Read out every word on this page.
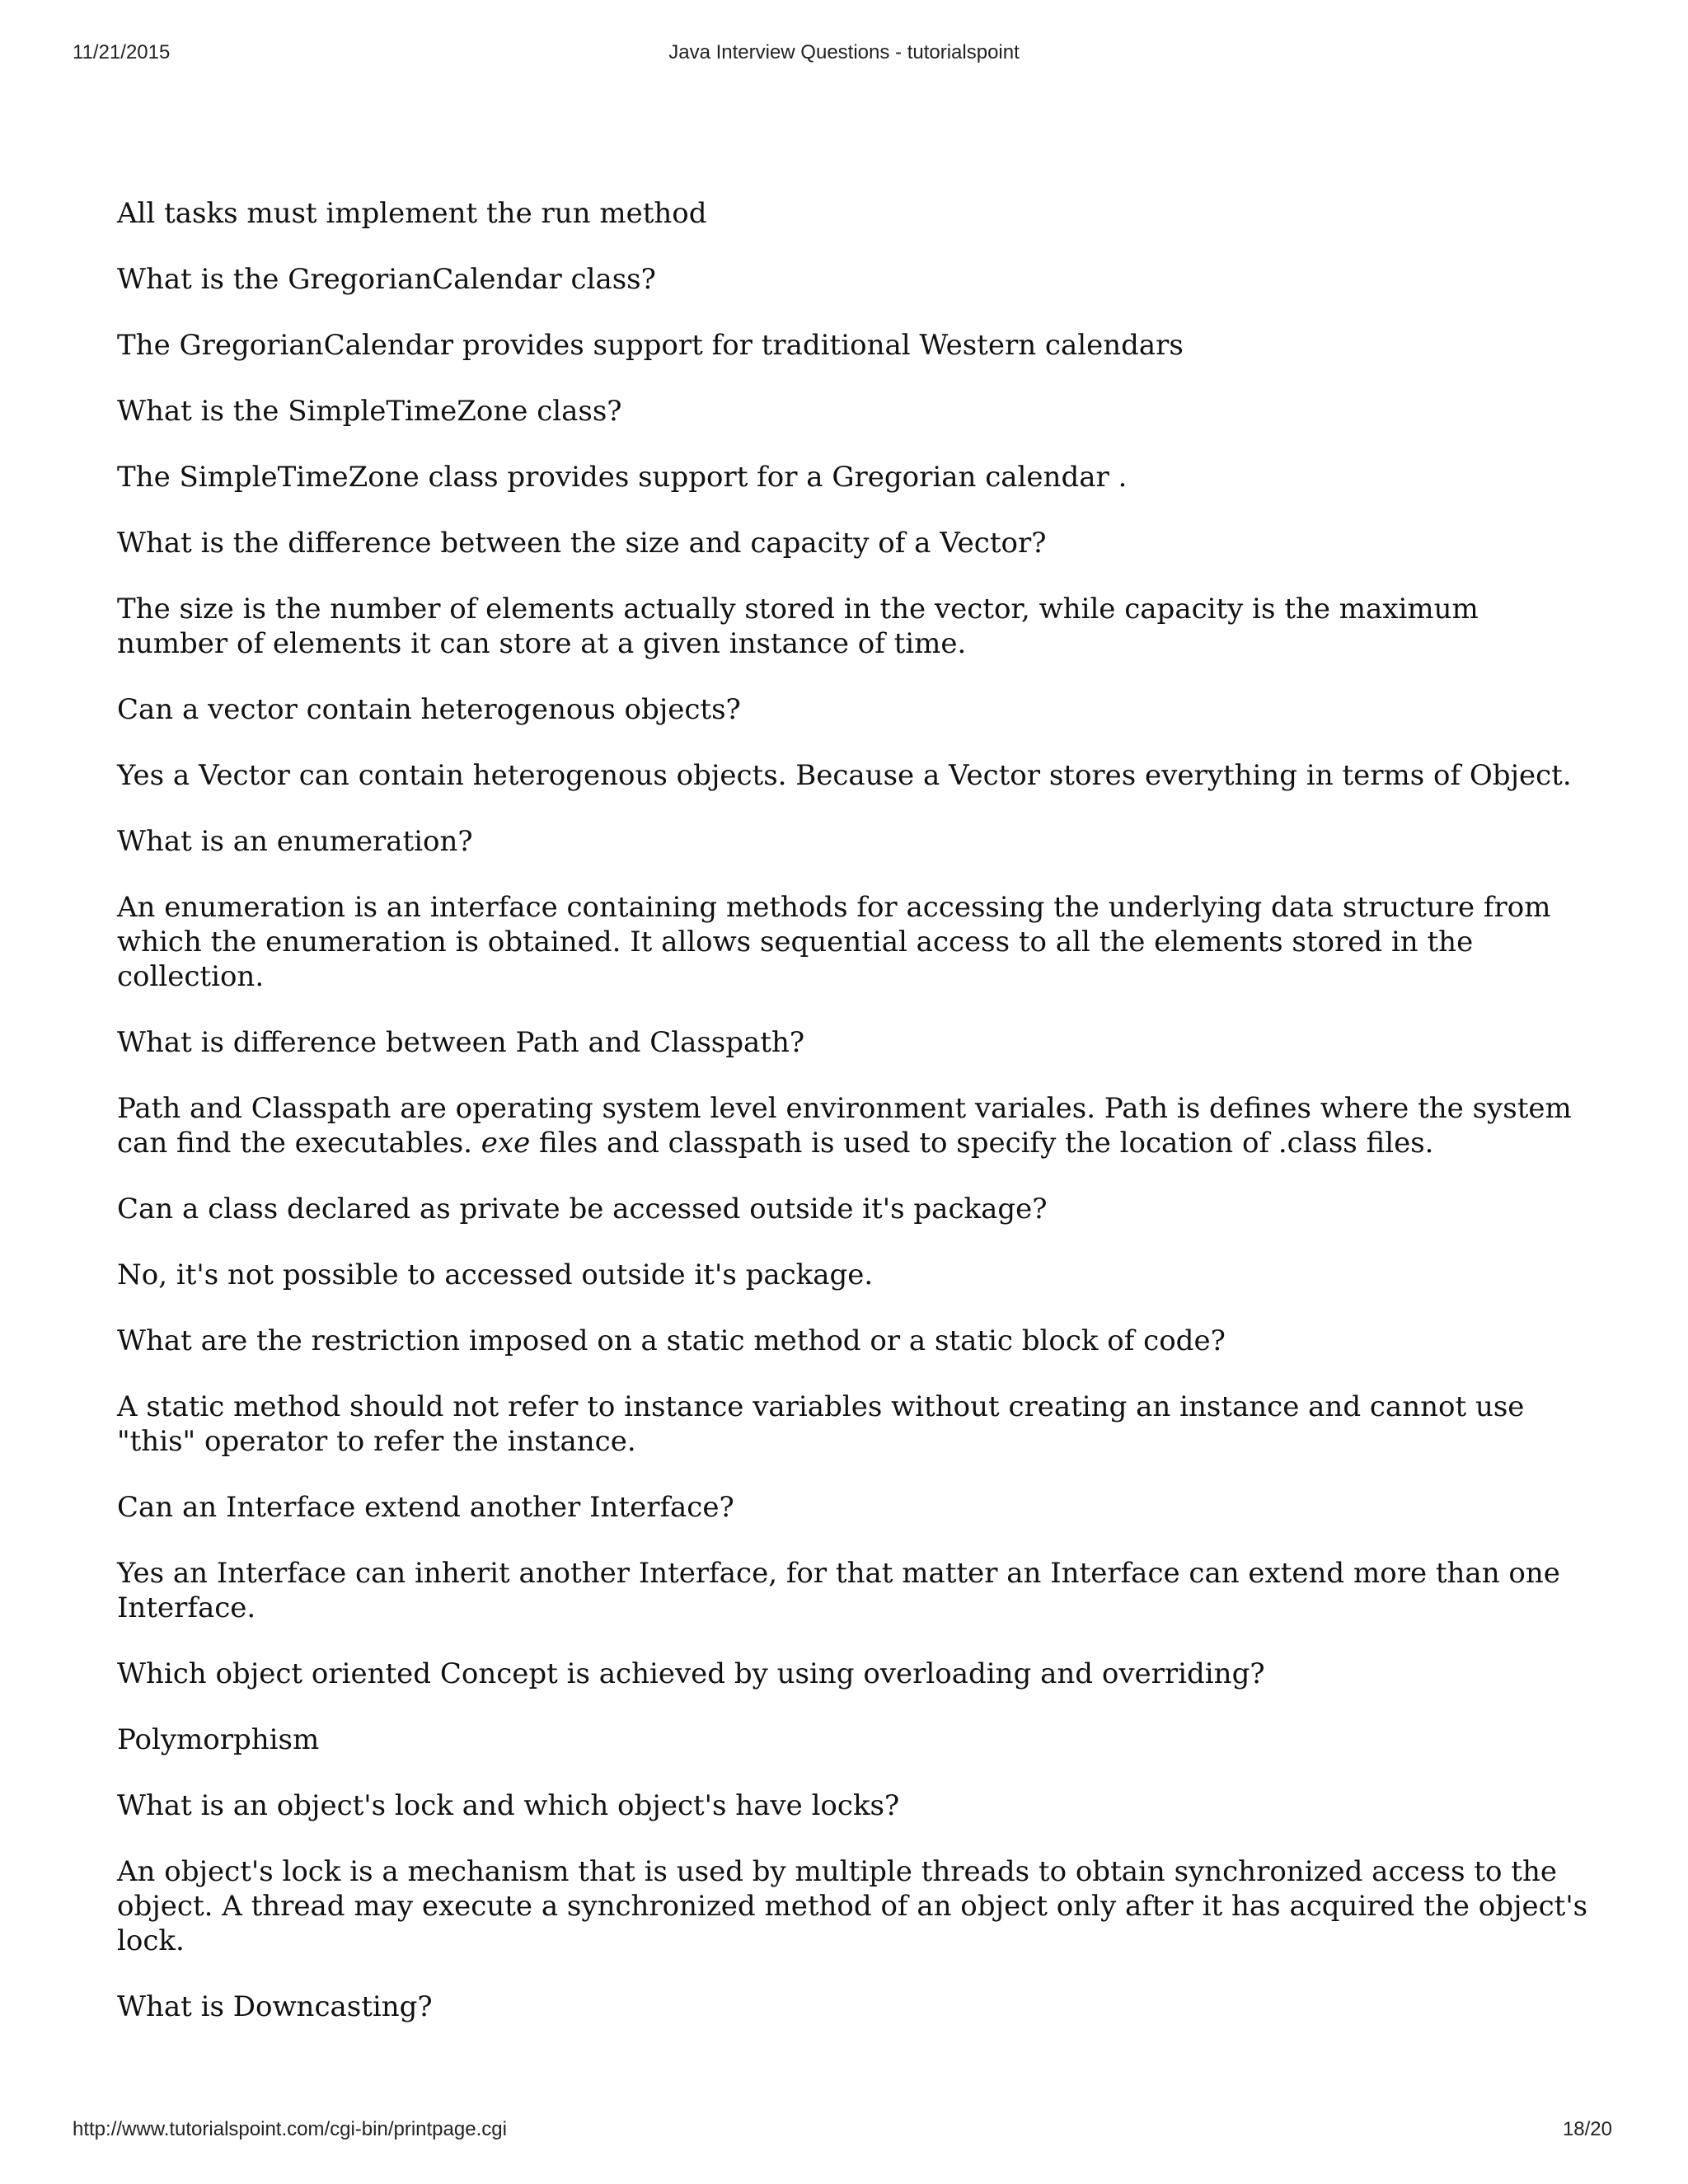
11/21/2015	Java Interview Questions - tutorialspoint

All tasks must implement the run method

What is the GregorianCalendar class?

The GregorianCalendar provides support for traditional Western calendars

What is the SimpleTimeZone class?

The SimpleTimeZone class provides support for a Gregorian calendar .

What is the difference between the size and capacity of a Vector?

The size is the number of elements actually stored in the vector, while capacity is the maximum number of elements it can store at a given instance of time.

Can a vector contain heterogenous objects?

Yes a Vector can contain heterogenous objects. Because a Vector stores everything in terms of Object.

What is an enumeration?

An enumeration is an interface containing methods for accessing the underlying data structure from which the enumeration is obtained. It allows sequential access to all the elements stored in the collection.

What is difference between Path and Classpath?

Path and Classpath are operating system level environment variales. Path is defines where the system can find the executables. exe files and classpath is used to specify the location of .class files.

Can a class declared as private be accessed outside it's package?

No, it's not possible to accessed outside it's package.

What are the restriction imposed on a static method or a static block of code?

A static method should not refer to instance variables without creating an instance and cannot use "this" operator to refer the instance.

Can an Interface extend another Interface?

Yes an Interface can inherit another Interface, for that matter an Interface can extend more than one Interface.

Which object oriented Concept is achieved by using overloading and overriding?

Polymorphism

What is an object's lock and which object's have locks?

An object's lock is a mechanism that is used by multiple threads to obtain synchronized access to the object. A thread may execute a synchronized method of an object only after it has acquired the object's lock.

What is Downcasting?

http://www.tutorialspoint.com/cgi-bin/printpage.cgi	18/20
